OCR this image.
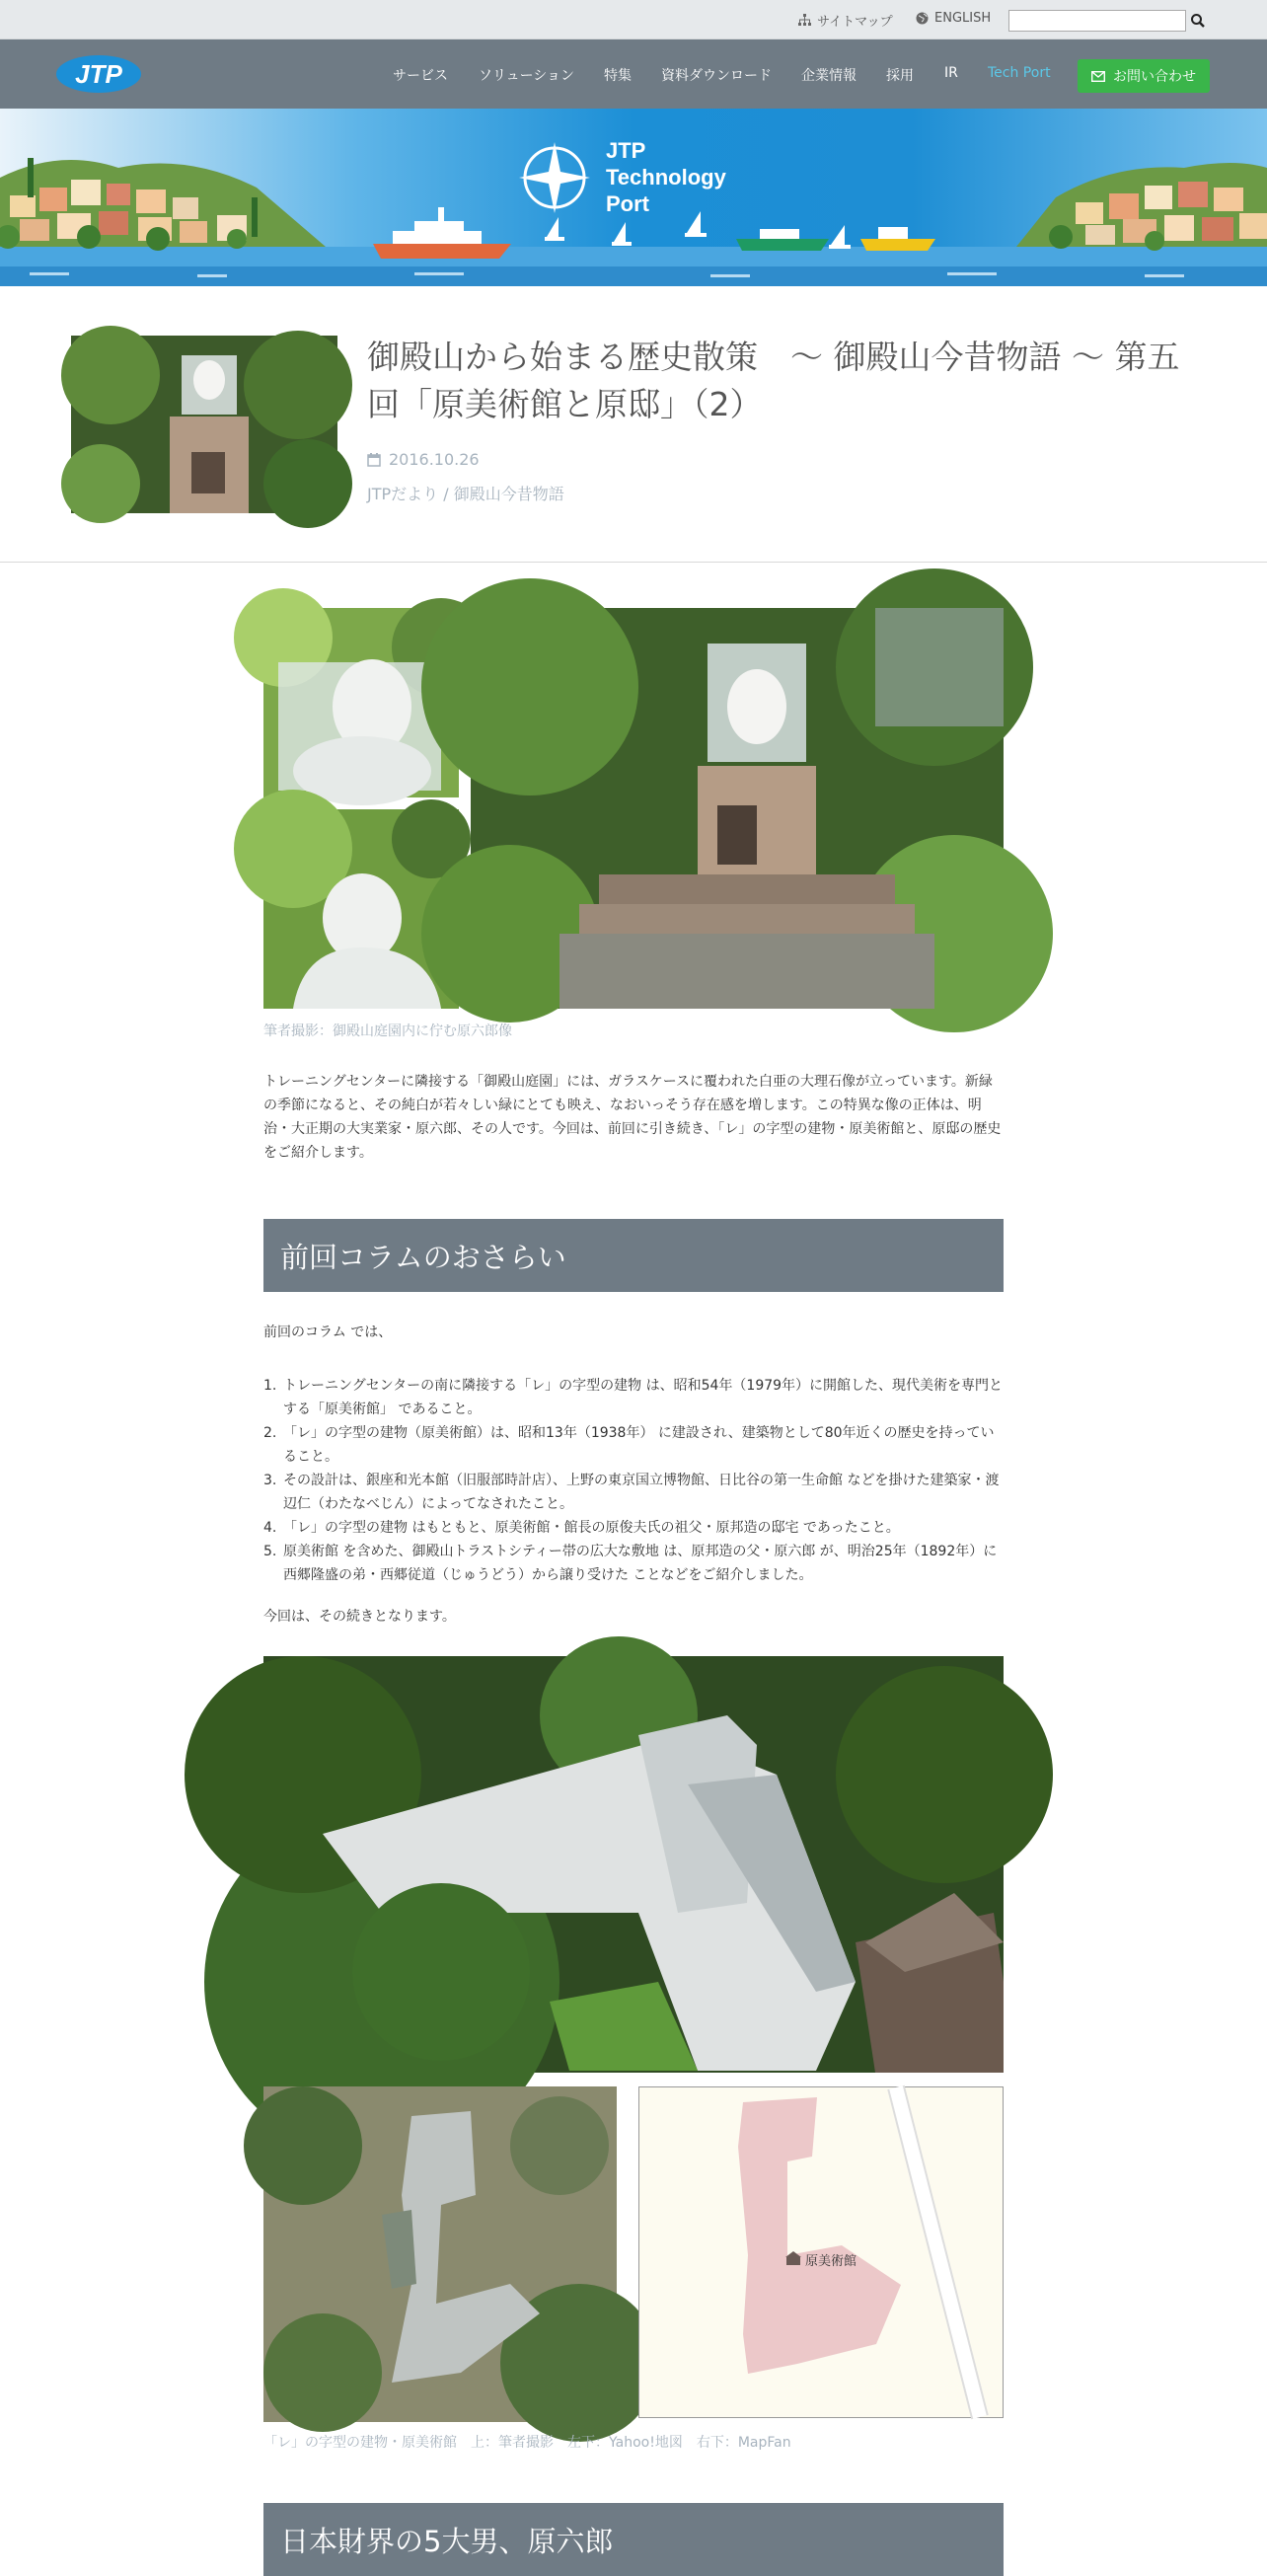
サイトマップ	ENGLISH
JTP	サービス ソリューション 特集 資料ダウンロード 企業情報 採用 IR Tech Port	お問い合わせ
JTP
Technology
Port
御殿山から始まる歴史散策　～ 御殿山今昔物語 ～ 第五回「原美術館と原邸」（2）
2016.10.26
JTPだより / 御殿山今昔物語
筆者撮影：御殿山庭園内に佇む原六郎像

トレーニングセンターに隣接する「御殿山庭園」には、ガラスケースに覆われた白亜の大理石像が立っています。新緑の季節になると、その純白が若々しい緑にとても映え、なおいっそう存在感を増します。この特異な像の正体は、明治・大正期の大実業家・原六郎、その人です。今回は、前回に引き続き、「レ」の字型の建物・原美術館と、原邸の歴史をご紹介します。

前回コラムのおさらい

前回のコラム では、

1. トレーニングセンターの南に隣接する「レ」の字型の建物 は、昭和54年（1979年）に開館した、現代美術を専門とする「原美術館」 であること。
2. 「レ」の字型の建物（原美術館）は、昭和13年（1938年） に建設され、建築物として80年近くの歴史を持っていること。
3. その設計は、銀座和光本館（旧服部時計店）、上野の東京国立博物館、日比谷の第一生命館 などを掛けた建築家・渡辺仁（わたなべじん）によってなされたこと。
4. 「レ」の字型の建物 はもともと、原美術館・館長の原俊夫氏の祖父・原邦造の邸宅 であったこと。
5. 原美術館 を含めた、御殿山トラストシティー帯の広大な敷地 は、原邦造の父・原六郎 が、明治25年（1892年）に西郷隆盛の弟・西郷従道（じゅうどう）から譲り受けた ことなどをご紹介しました。

今回は、その続きとなります。

原美術館
「レ」の字型の建物・原美術館　上：筆者撮影　左下：Yahoo!地図　右下：MapFan
日本財界の5大男、原六郎
